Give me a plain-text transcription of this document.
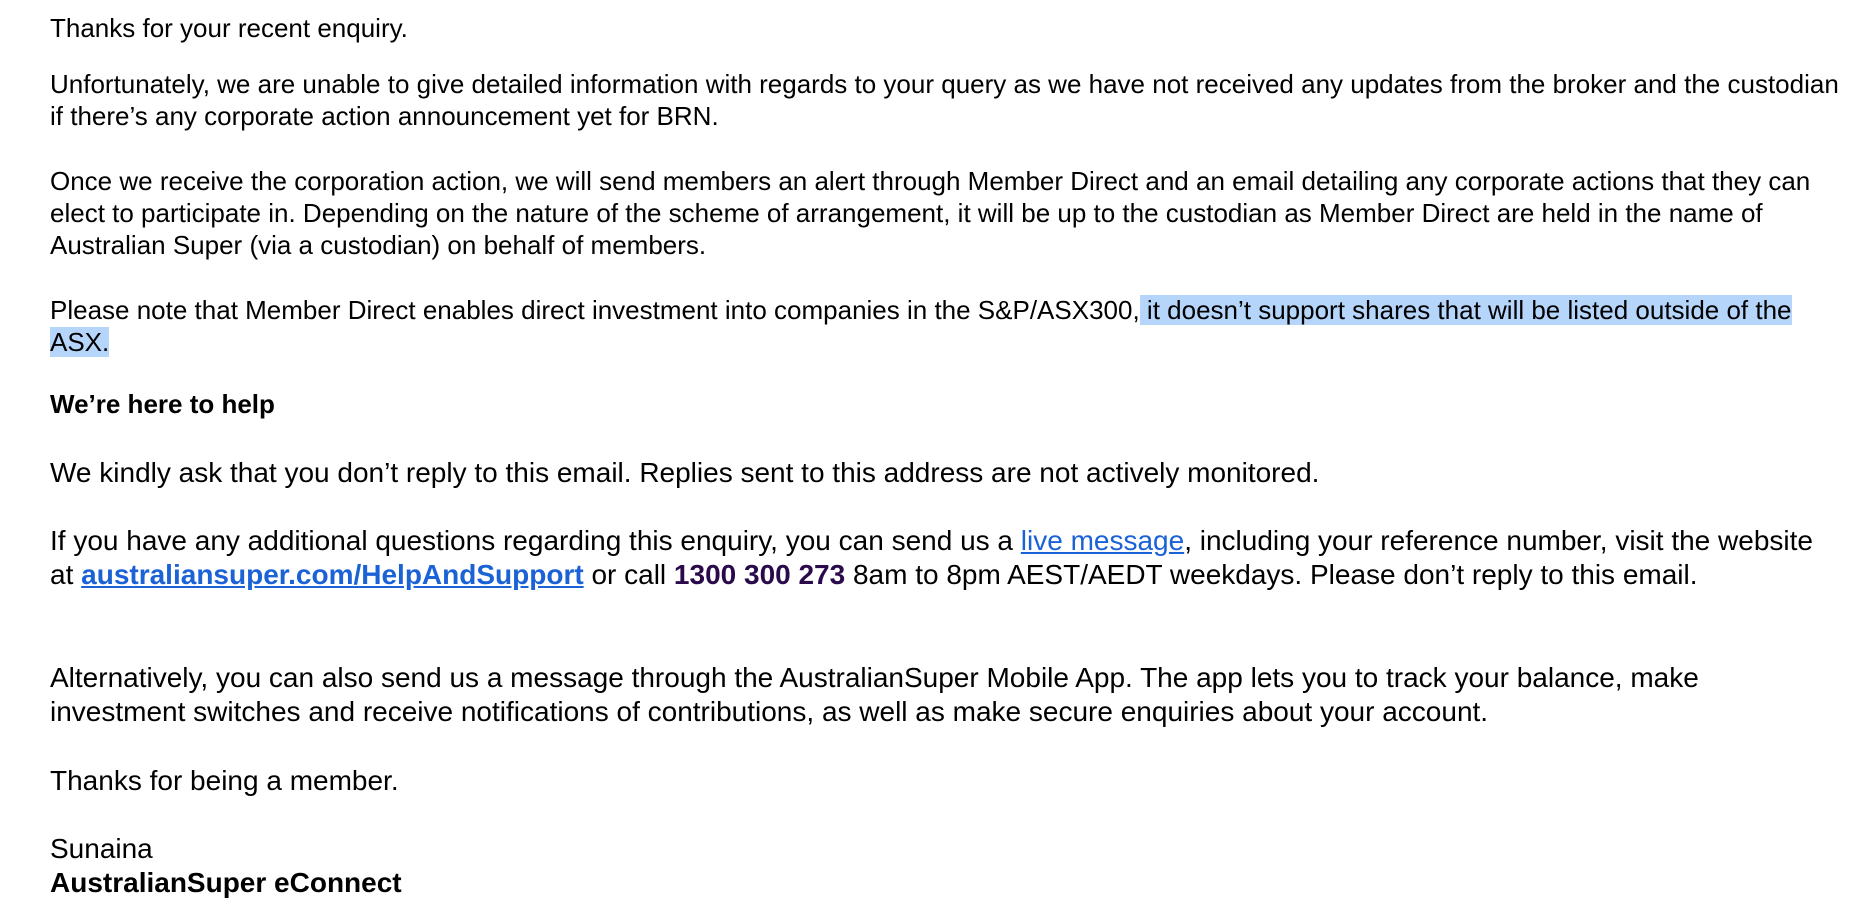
Thanks for your recent enquiry.

Unfortunately, we are unable to give detailed information with regards to your query as we have not received any updates from the broker and the custodian if there’s any corporate action announcement yet for BRN.

Once we receive the corporation action, we will send members an alert through Member Direct and an email detailing any corporate actions that they can elect to participate in. Depending on the nature of the scheme of arrangement, it will be up to the custodian as Member Direct are held in the name of Australian Super (via a custodian) on behalf of members.

Please note that Member Direct enables direct investment into companies in the S&P/ASX300, it doesn’t support shares that will be listed outside of the ASX.

We’re here to help

We kindly ask that you don’t reply to this email. Replies sent to this address are not actively monitored.

If you have any additional questions regarding this enquiry, you can send us a live message, including your reference number, visit the website at australiansuper.com/HelpAndSupport or call 1300 300 273 8am to 8pm AEST/AEDT weekdays. Please don’t reply to this email.

Alternatively, you can also send us a message through the AustralianSuper Mobile App. The app lets you to track your balance, make investment switches and receive notifications of contributions, as well as make secure enquiries about your account.

Thanks for being a member.

Sunaina
AustralianSuper eConnect
